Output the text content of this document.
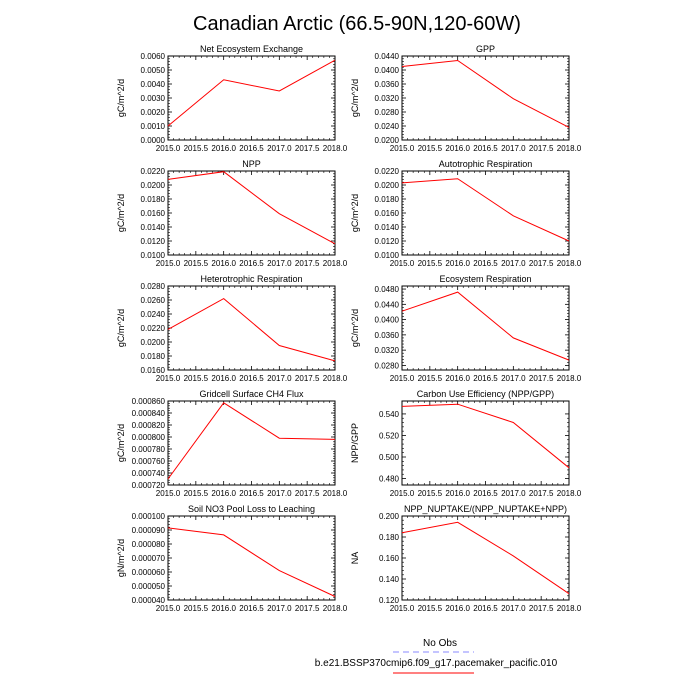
Canadian Arctic (66.5-90N,120-60W)
Net Ecosystem Exchange
2015.0 2015.5 2016.0 2016.5 2017.0 2017.5 2018.0
0.0000
0.0010
0.0020
0.0030
0.0040
0.0050
0.0060
gC/m^2/d
GPP
2015.0 2015.5 2016.0 2016.5 2017.0 2017.5 2018.0
0.0200
0.0240
0.0280
0.0320
0.0360
0.0400
0.0440
gC/m^2/d
NPP
2015.0 2015.5 2016.0 2016.5 2017.0 2017.5 2018.0
0.0100
0.0120
0.0140
0.0160
0.0180
0.0200
0.0220
gC/m^2/d
Autotrophic Respiration
2015.0 2015.5 2016.0 2016.5 2017.0 2017.5 2018.0
0.0100
0.0120
0.0140
0.0160
0.0180
0.0200
0.0220
gC/m^2/d
Heterotrophic Respiration
2015.0 2015.5 2016.0 2016.5 2017.0 2017.5 2018.0
0.0160
0.0180
0.0200
0.0220
0.0240
0.0260
0.0280
gC/m^2/d
Ecosystem Respiration
2015.0 2015.5 2016.0 2016.5 2017.0 2017.5 2018.0
0.0280
0.0320
0.0360
0.0400
0.0440
0.0480
gC/m^2/d
Gridcell Surface CH4 Flux
2015.0 2015.5 2016.0 2016.5 2017.0 2017.5 2018.0
0.000720
0.000740
0.000760
0.000780
0.000800
0.000820
0.000840
0.000860
gC/m^2/d
Carbon Use Efficiency (NPP/GPP)
2015.0 2015.5 2016.0 2016.5 2017.0 2017.5 2018.0
0.480
0.500
0.520
0.540
NPP/GPP
Soil NO3 Pool Loss to Leaching
2015.0 2015.5 2016.0 2016.5 2017.0 2017.5 2018.0
0.000040
0.000050
0.000060
0.000070
0.000080
0.000090
0.000100
gN/m^2/d
NPP_NUPTAKE/(NPP_NUPTAKE+NPP)
2015.0 2015.5 2016.0 2016.5 2017.0 2017.5 2018.0
0.120
0.140
0.160
0.180
0.200
NA
No Obs
b.e21.BSSP370cmip6.f09_g17.pacemaker_pacific.010
